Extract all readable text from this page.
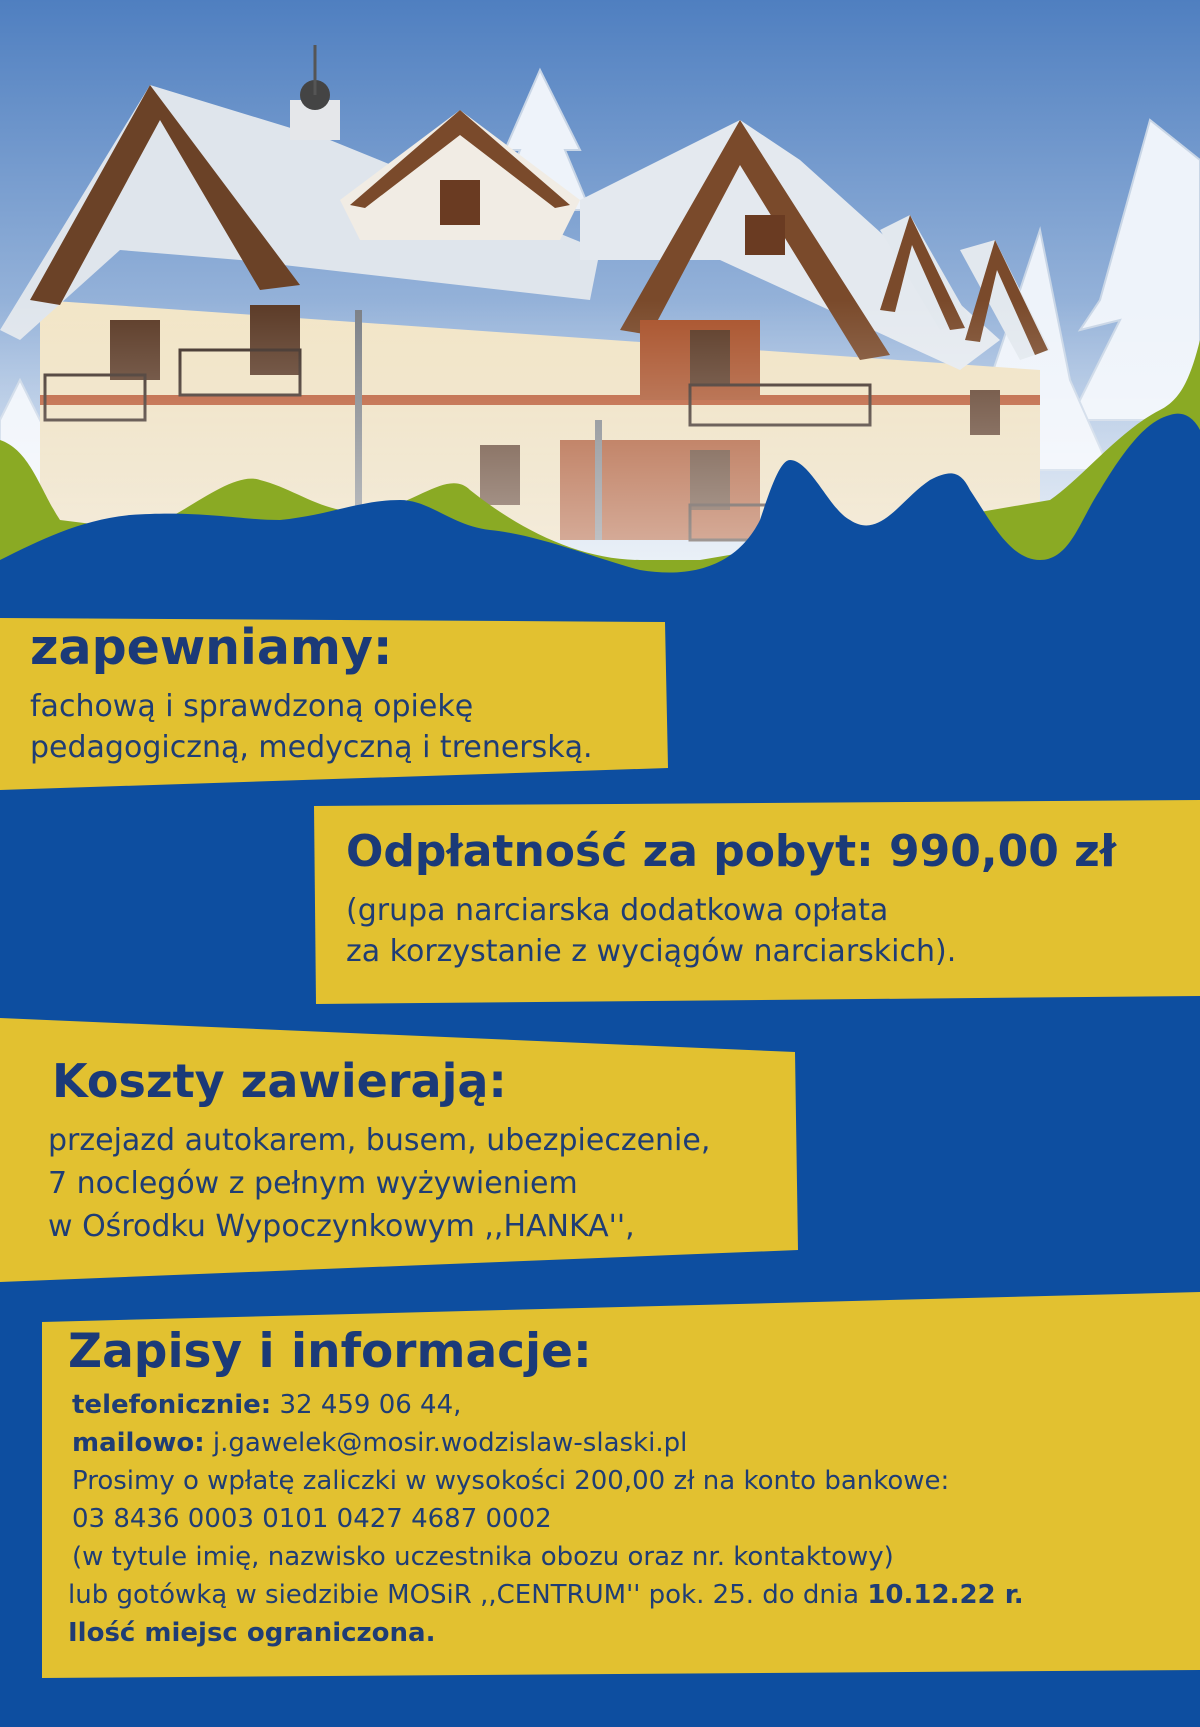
zapewniamy:
fachową i sprawdzoną opiekę
pedagogiczną, medyczną i trenerską.
Odpłatność za pobyt: 990,00 zł
(grupa narciarska dodatkowa opłata
za korzystanie z wyciągów narciarskich).
Koszty zawierają:
przejazd autokarem, busem, ubezpieczenie,
7 noclegów z pełnym wyżywieniem
w Ośrodku Wypoczynkowym ,,HANKA'',
Zapisy i informacje:
telefonicznie: 32 459 06 44,
mailowo: j.gawelek@mosir.wodzislaw-slaski.pl
Prosimy o wpłatę zaliczki w wysokości 200,00 zł na konto bankowe:
03 8436 0003 0101 0427 4687 0002
(w tytule imię, nazwisko uczestnika obozu oraz nr. kontaktowy)
lub gotówką w siedzibie MOSiR ,,CENTRUM'' pok. 25. do dnia 10.12.22 r.
Ilość miejsc ograniczona.
